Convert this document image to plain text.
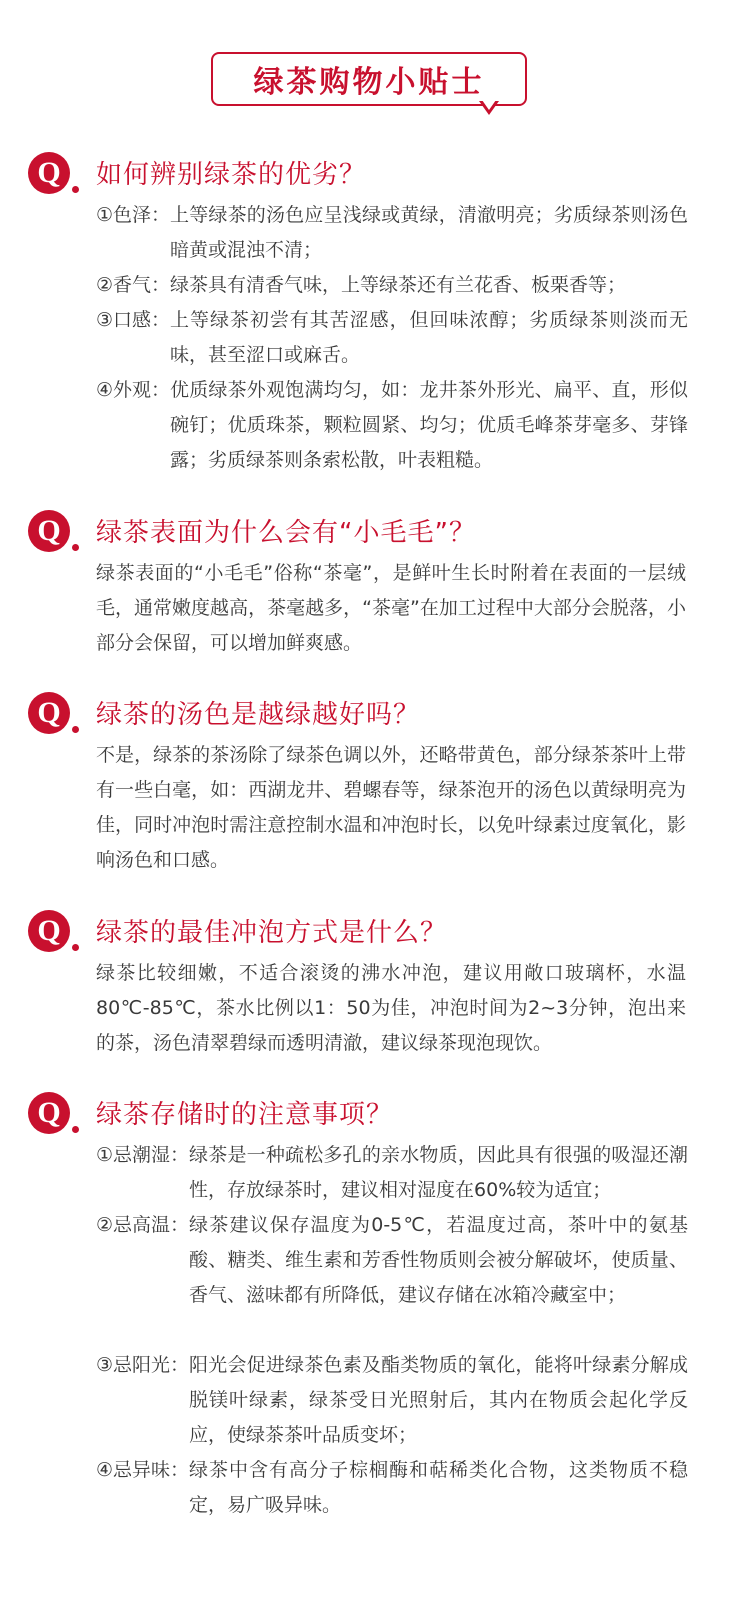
绿茶购物小贴士
Q	如何辨别绿茶的优劣？
①色泽： 上等绿茶的汤色应呈浅绿或黄绿，清澈明亮；劣质绿茶则汤色暗黄或混浊不清；
②香气： 绿茶具有清香气味，上等绿茶还有兰花香、板栗香等；
③口感： 上等绿茶初尝有其苦涩感，但回味浓醇；劣质绿茶则淡而无味，甚至涩口或麻舌。
④外观： 优质绿茶外观饱满均匀，如：龙井茶外形光、扁平、直，形似碗钉；优质珠茶，颗粒圆紧、均匀；优质毛峰茶芽毫多、芽锋露；劣质绿茶则条索松散，叶表粗糙。
Q	绿茶表面为什么会有“小毛毛”？
绿茶表面的“小毛毛”俗称“茶毫”，是鲜叶生长时附着在表面的一层绒毛，通常嫩度越高，茶毫越多，“茶毫”在加工过程中大部分会脱落，小部分会保留，可以增加鲜爽感。
Q	绿茶的汤色是越绿越好吗？
不是，绿茶的茶汤除了绿茶色调以外，还略带黄色，部分绿茶茶叶上带有一些白毫，如：西湖龙井、碧螺春等，绿茶泡开的汤色以黄绿明亮为佳，同时冲泡时需注意控制水温和冲泡时长，以免叶绿素过度氧化，影响汤色和口感。
Q	绿茶的最佳冲泡方式是什么？
绿茶比较细嫩，不适合滚烫的沸水冲泡，建议用敞口玻璃杯，水温80℃-85℃，茶水比例以1：50为佳，冲泡时间为2~3分钟，泡出来的茶，汤色清翠碧绿而透明清澈，建议绿茶现泡现饮。
Q	绿茶存储时的注意事项？
①忌潮湿： 绿茶是一种疏松多孔的亲水物质，因此具有很强的吸湿还潮性，存放绿茶时，建议相对湿度在60%较为适宜；
②忌高温： 绿茶建议保存温度为0-5℃，若温度过高，茶叶中的氨基酸、糖类、维生素和芳香性物质则会被分解破坏，使质量、香气、滋味都有所降低，建议存储在冰箱冷藏室中；
③忌阳光： 阳光会促进绿茶色素及酯类物质的氧化，能将叶绿素分解成脱镁叶绿素，绿茶受日光照射后，其内在物质会起化学反应，使绿茶茶叶品质变坏；
④忌异味： 绿茶中含有高分子棕榈酶和萜稀类化合物，这类物质不稳定，易广吸异味。
